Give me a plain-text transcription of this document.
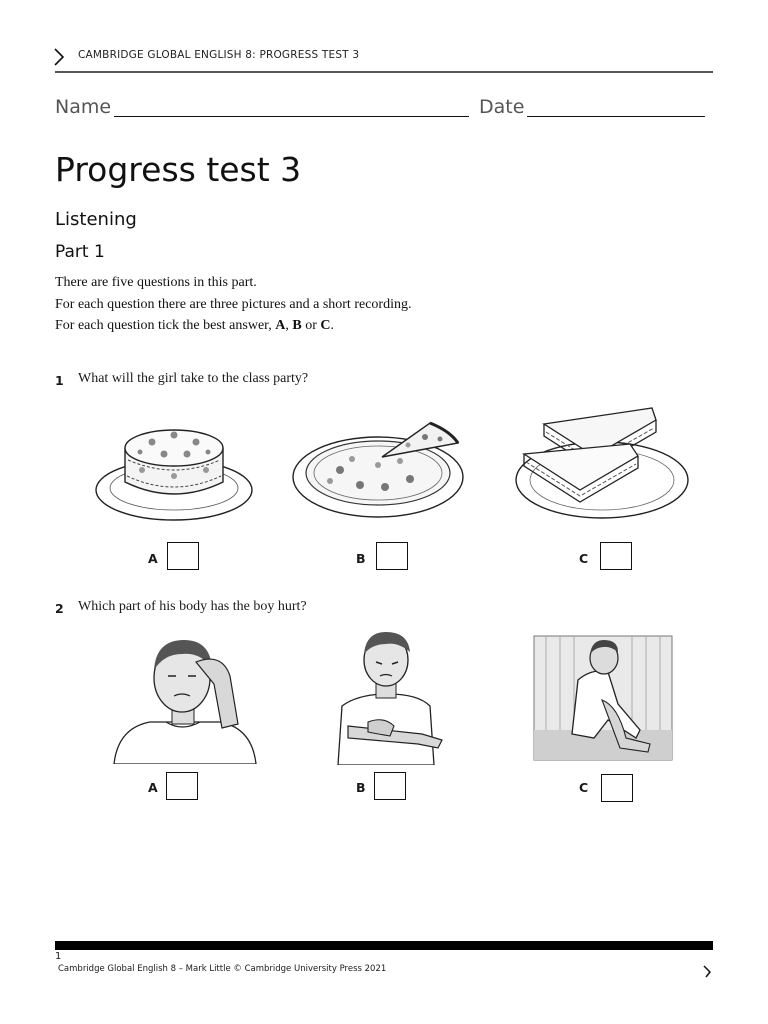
CAMBRIDGE GLOBAL ENGLISH 8: PROGRESS TEST 3
Name	Date
Progress test 3
Listening
Part 1
There are five questions in this part.
For each question there are three pictures and a short recording.
For each question tick the best answer, A, B or C.
1 What will the girl take to the class party?
A	B	C
2 Which part of his body has the boy hurt?
A	B	C
1
Cambridge Global English 8 – Mark Little © Cambridge University Press 2021
